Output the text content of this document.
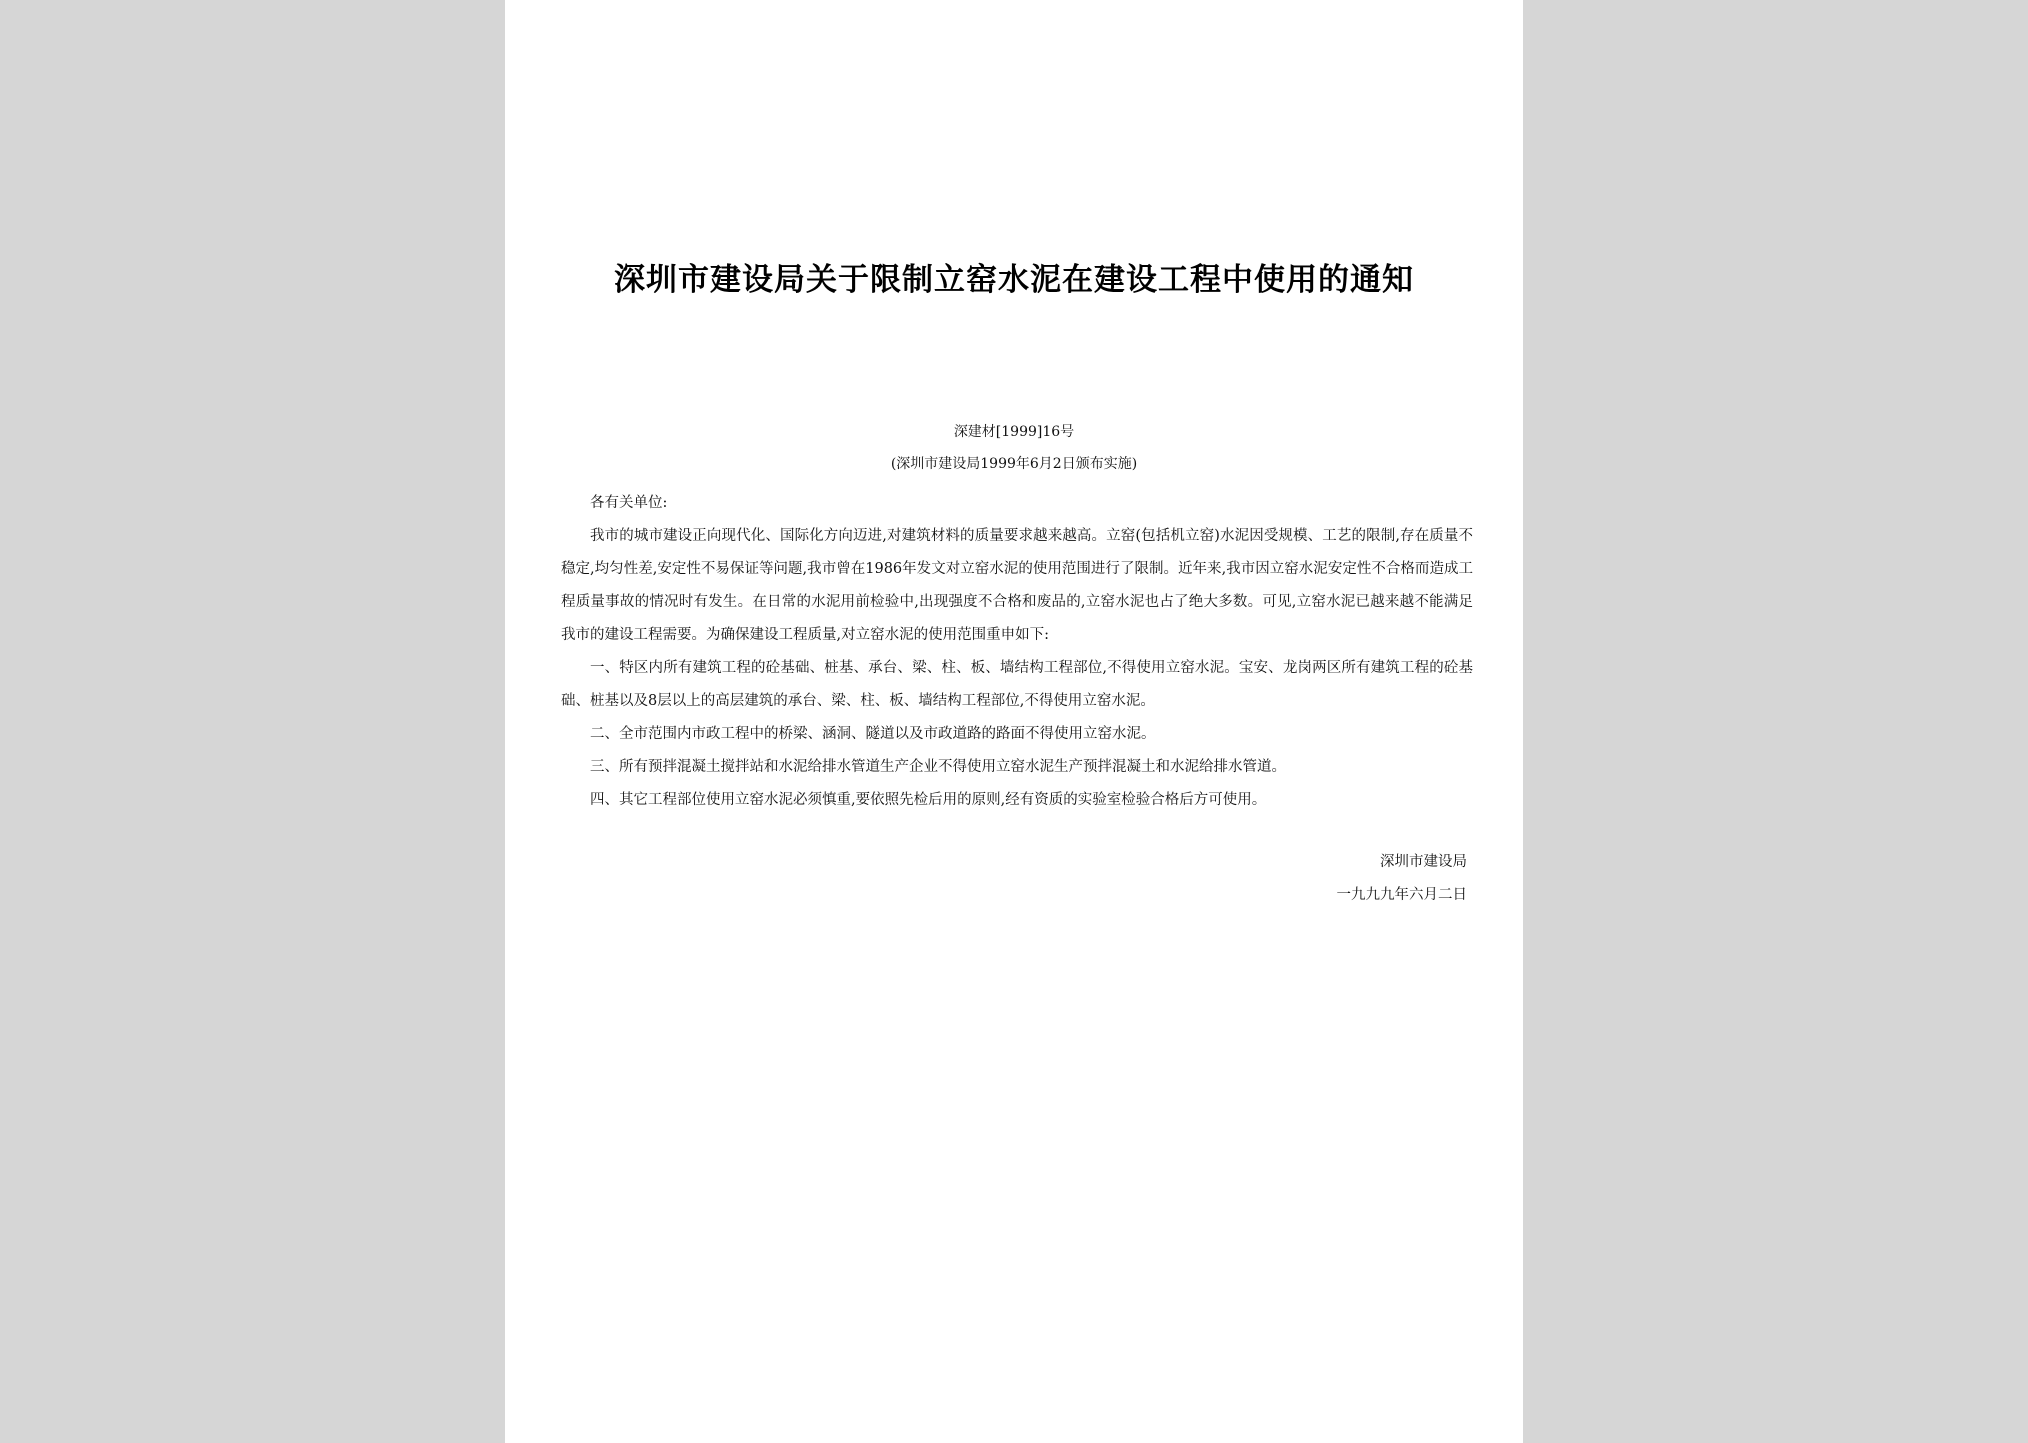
深圳市建设局关于限制立窑水泥在建设工程中使用的通知
深建材[1999]16号
(深圳市建设局1999年6月2日颁布实施)

各有关单位:

我市的城市建设正向现代化、国际化方向迈进,对建筑材料的质量要求越来越高。立窑(包括机立窑)水泥因受规模、工艺的限制,存在质量不稳定,均匀性差,安定性不易保证等问题,我市曾在1986年发文对立窑水泥的使用范围进行了限制。近年来,我市因立窑水泥安定性不合格而造成工程质量事故的情况时有发生。在日常的水泥用前检验中,出现强度不合格和废品的,立窑水泥也占了绝大多数。可见,立窑水泥已越来越不能满足我市的建设工程需要。为确保建设工程质量,对立窑水泥的使用范围重申如下:

一、特区内所有建筑工程的砼基础、桩基、承台、梁、柱、板、墙结构工程部位,不得使用立窑水泥。宝安、龙岗两区所有建筑工程的砼基础、桩基以及8层以上的高层建筑的承台、梁、柱、板、墙结构工程部位,不得使用立窑水泥。

二、全市范围内市政工程中的桥梁、涵洞、隧道以及市政道路的路面不得使用立窑水泥。

三、所有预拌混凝土搅拌站和水泥给排水管道生产企业不得使用立窑水泥生产预拌混凝土和水泥给排水管道。

四、其它工程部位使用立窑水泥必须慎重,要依照先检后用的原则,经有资质的实验室检验合格后方可使用。

深圳市建设局
一九九九年六月二日
